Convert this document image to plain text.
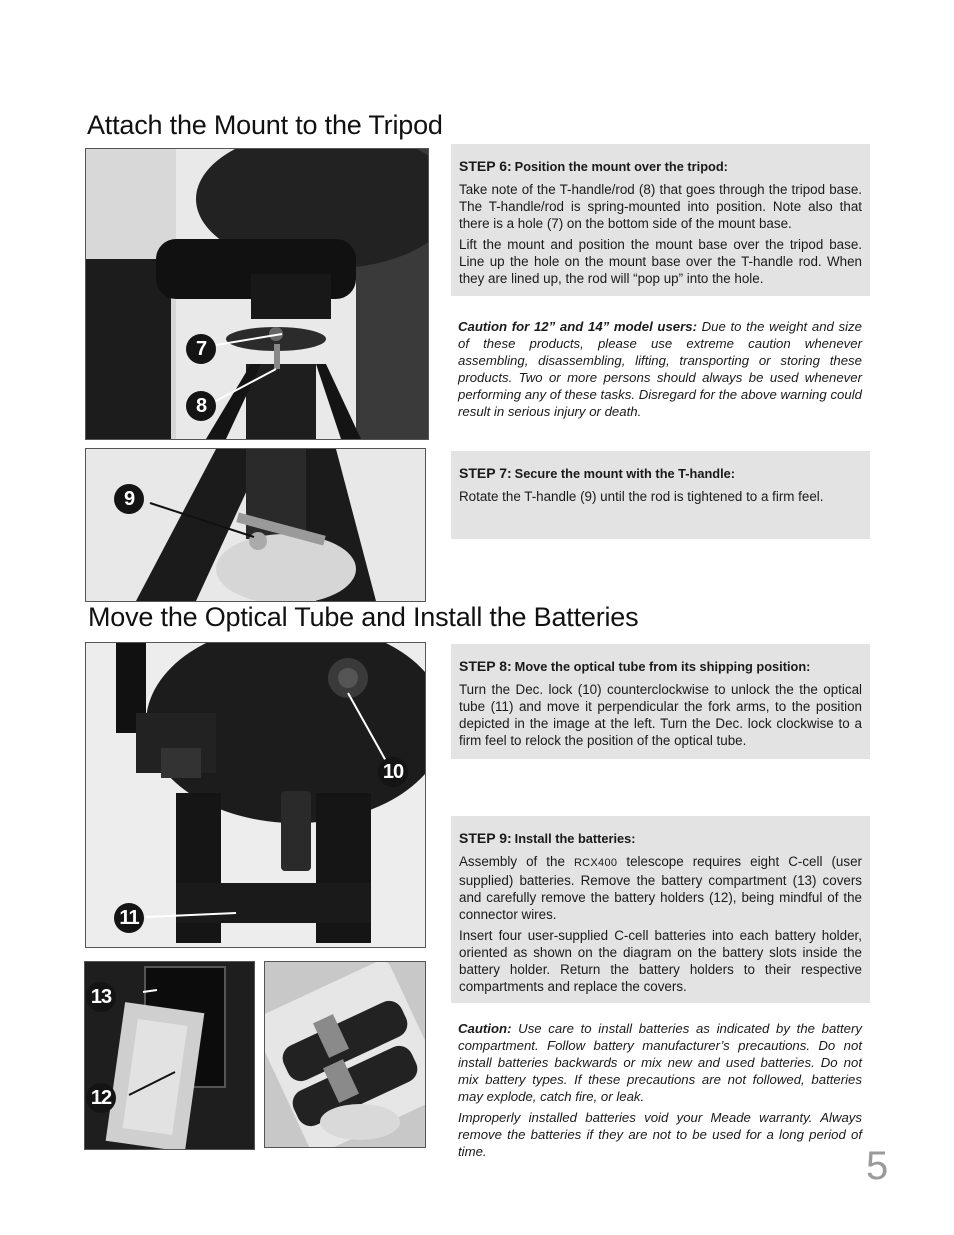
Attach the Mount to the Tripod
7
8
STEP 6: Position the mount over the tripod:

Take note of the T-handle/rod (8) that goes through the tripod base. The T-handle/rod is spring-mounted into position. Note also that there is a hole (7) on the bottom side of the mount base.

Lift the mount and position the mount base over the tripod base. Line up the hole on the mount base over the T-handle rod. When they are lined up, the rod will “pop up” into the hole.

Caution for 12” and 14” model users: Due to the weight and size of these products, please use extreme caution whenever assembling, disassembling, lifting, transporting or storing these products. Two or more persons should always be used whenever performing any of these tasks. Disregard for the above warning could result in serious injury or death.

9
STEP 7: Secure the mount with the T-handle:

Rotate the T-handle (9) until the rod is tightened to a firm feel.

Move the Optical Tube and Install the Batteries
10
11
STEP 8: Move the optical tube from its shipping position:

Turn the Dec. lock (10) counterclockwise to unlock the the optical tube (11) and move it perpendicular the fork arms, to the position depicted in the image at the left. Turn the Dec. lock clockwise to a firm feel to relock the position of the optical tube.

13
12
STEP 9: Install the batteries:

Assembly of the RCX400 telescope requires eight C-cell (user supplied) batteries. Remove the battery compartment (13) covers and carefully remove the battery holders (12), being mindful of the connector wires.

Insert four user-supplied C-cell batteries into each battery holder, oriented as shown on the diagram on the battery slots inside the battery holder. Return the battery holders to their respective compartments and replace the covers.

Caution: Use care to install batteries as indicated by the battery compartment. Follow battery manufacturer’s precautions. Do not install batteries backwards or mix new and used batteries. Do not mix battery types. If these precautions are not followed, batteries may explode, catch fire, or leak.

Improperly installed batteries void your Meade warranty. Always remove the batteries if they are not to be used for a long period of time.	5
